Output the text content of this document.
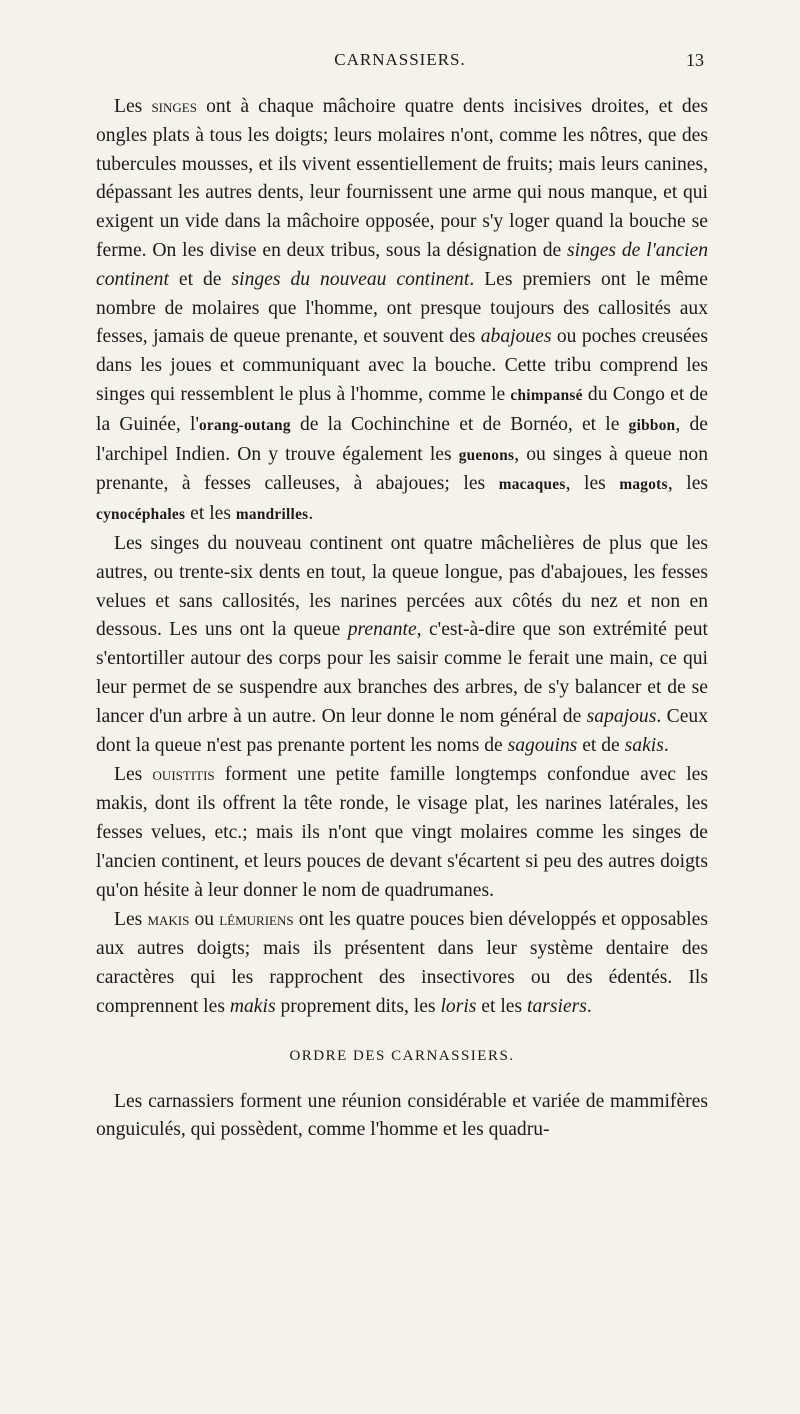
CARNASSIERS.	13

Les singes ont à chaque mâchoire quatre dents incisives droites, et des ongles plats à tous les doigts; leurs molaires n'ont, comme les nôtres, que des tubercules mousses, et ils vivent essentiellement de fruits; mais leurs canines, dépassant les autres dents, leur fournissent une arme qui nous manque, et qui exigent un vide dans la mâchoire opposée, pour s'y loger quand la bouche se ferme. On les divise en deux tribus, sous la désignation de singes de l'ancien continent et de singes du nouveau continent. Les premiers ont le même nombre de molaires que l'homme, ont presque toujours des callosités aux fesses, jamais de queue prenante, et souvent des abajoues ou poches creusées dans les joues et communiquant avec la bouche. Cette tribu comprend les singes qui ressemblent le plus à l'homme, comme le chimpansé du Congo et de la Guinée, l'orang-outang de la Cochinchine et de Bornéo, et le gibbon, de l'archipel Indien. On y trouve également les guenons, ou singes à queue non prenante, à fesses calleuses, à abajoues; les macaques, les magots, les cynocéphales et les mandrilles.

Les singes du nouveau continent ont quatre mâchelières de plus que les autres, ou trente-six dents en tout, la queue longue, pas d'abajoues, les fesses velues et sans callosités, les narines percées aux côtés du nez et non en dessous. Les uns ont la queue prenante, c'est-à-dire que son extrémité peut s'entortiller autour des corps pour les saisir comme le ferait une main, ce qui leur permet de se suspendre aux branches des arbres, de s'y balancer et de se lancer d'un arbre à un autre. On leur donne le nom général de sapajous. Ceux dont la queue n'est pas prenante portent les noms de sagouins et de sakis.

Les ouistitis forment une petite famille longtemps confondue avec les makis, dont ils offrent la tête ronde, le visage plat, les narines latérales, les fesses velues, etc.; mais ils n'ont que vingt molaires comme les singes de l'ancien continent, et leurs pouces de devant s'écartent si peu des autres doigts qu'on hésite à leur donner le nom de quadrumanes.

Les makis ou lémuriens ont les quatre pouces bien développés et opposables aux autres doigts; mais ils présentent dans leur système dentaire des caractères qui les rapprochent des insectivores ou des édentés. Ils comprennent les makis proprement dits, les loris et les tarsiers.

ORDRE DES CARNASSIERS.

Les carnassiers forment une réunion considérable et variée de mammifères onguiculés, qui possèdent, comme l'homme et les quadru-
